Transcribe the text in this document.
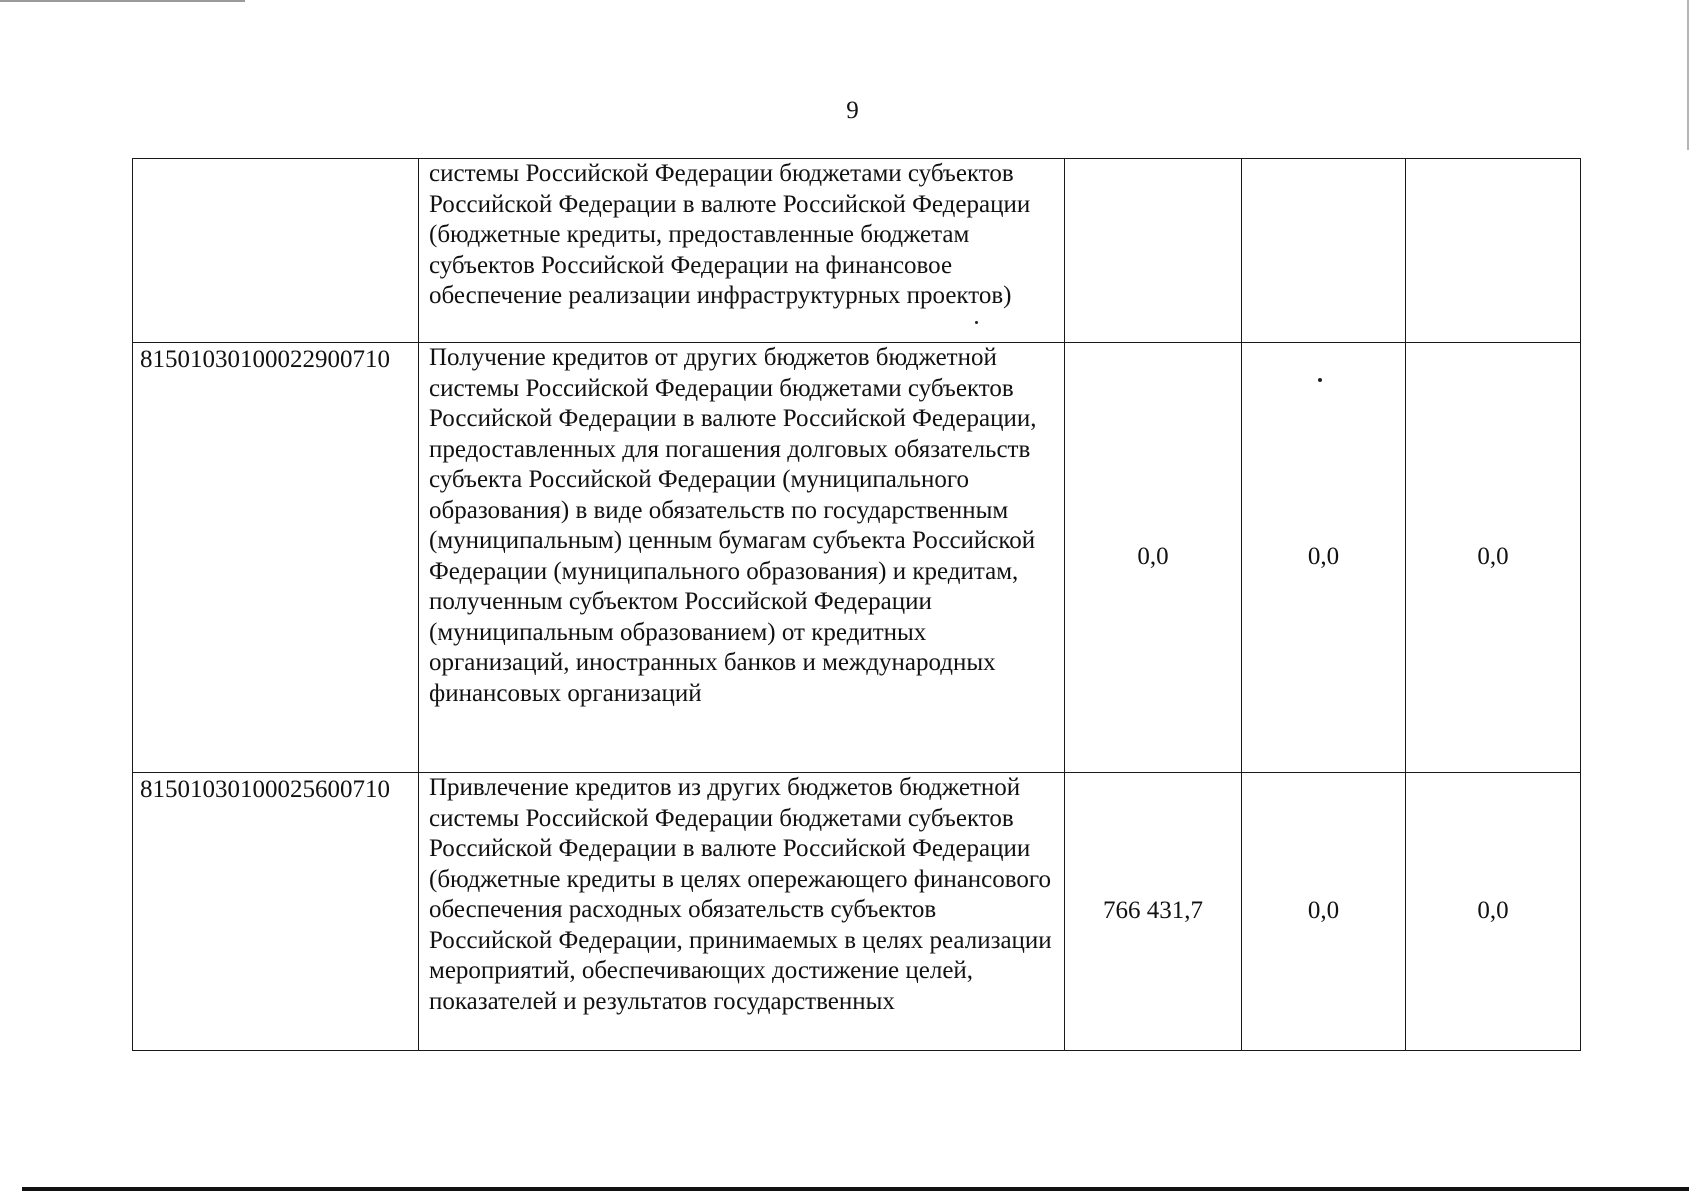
9
	системы Российской Федерации бюджетами субъектов Российской Федерации в валюте Российской Федерации (бюджетные кредиты, предоставленные бюджетам субъектов Российской Федерации на финансовое обеспечение реализации инфраструктурных проектов)			
81501030100022900710	Получение кредитов от других бюджетов бюджетной системы Российской Федерации бюджетами субъектов Российской Федерации в валюте Российской Федерации, предоставленных для погашения долговых обязательств субъекта Российской Федерации (муниципального образования) в виде обязательств по государственным (муниципальным) ценным бумагам субъекта Российской Федерации (муниципального образования) и кредитам, полученным субъектом Российской Федерации (муниципальным образованием) от кредитных организаций, иностранных банков и международных финансовых организаций	0,0	0,0	0,0
81501030100025600710	Привлечение кредитов из других бюджетов бюджетной системы Российской Федерации бюджетами субъектов Российской Федерации в валюте Российской Федерации (бюджетные кредиты в целях опережающего финансового обеспечения расходных обязательств субъектов Российской Федерации, принимаемых в целях реализации мероприятий, обеспечивающих достижение целей, показателей и результатов государственных	766 431,7	0,0	0,0
